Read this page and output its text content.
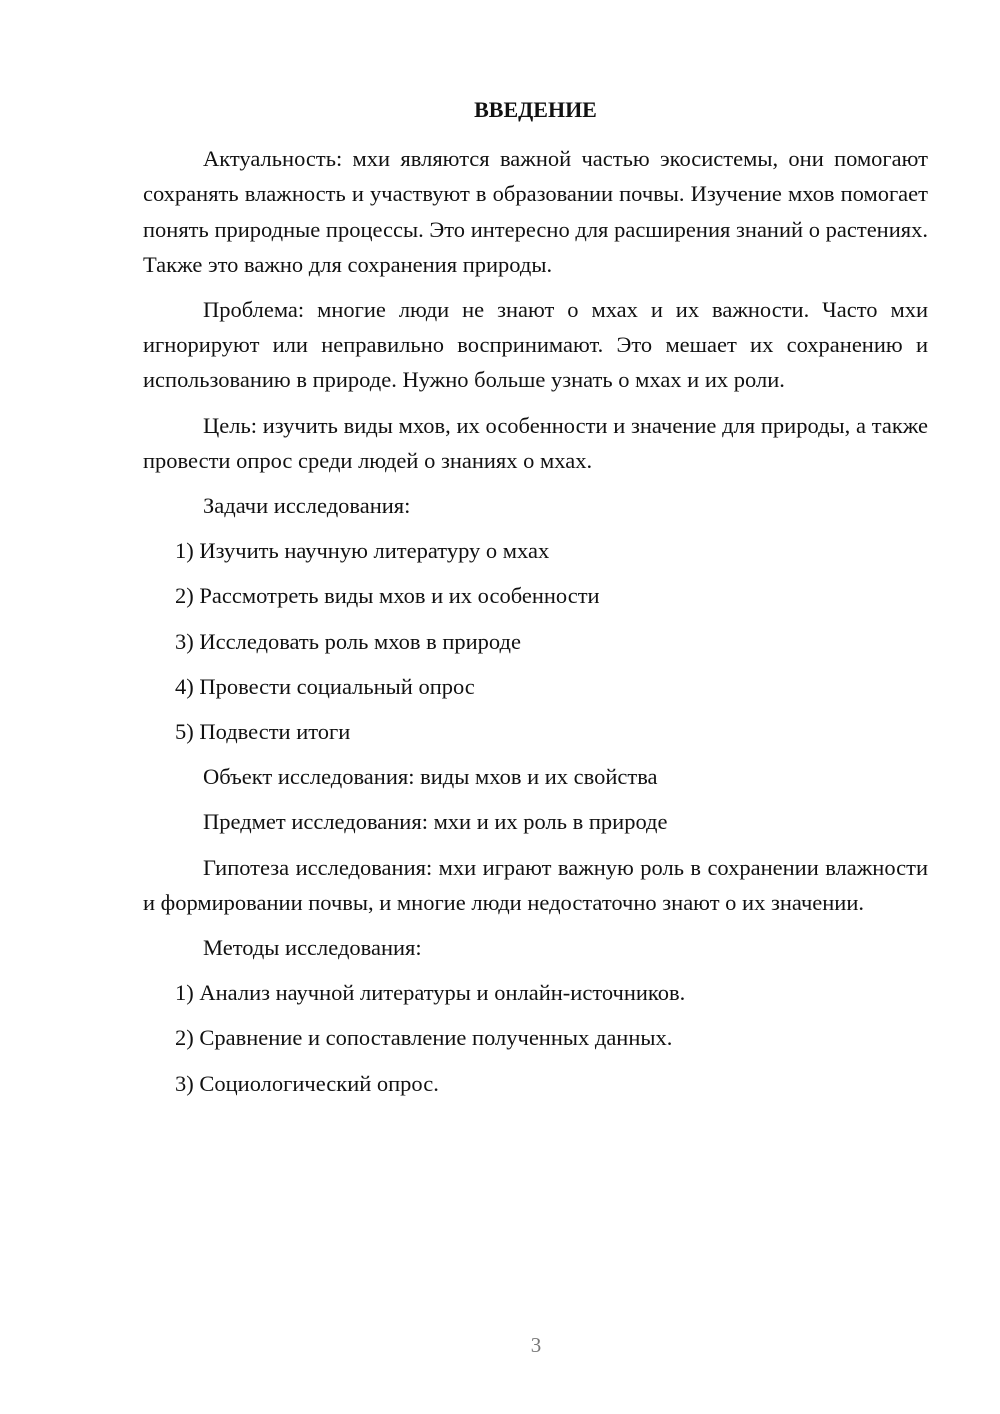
ВВЕДЕНИЕ
Актуальность: мхи являются важной частью экосистемы, они помогают сохранять влажность и участвуют в образовании почвы. Изучение мхов помогает понять природные процессы. Это интересно для расширения знаний о растениях. Также это важно для сохранения природы.
Проблема: многие люди не знают о мхах и их важности. Часто мхи игнорируют или неправильно воспринимают. Это мешает их сохранению и использованию в природе. Нужно больше узнать о мхах и их роли.
Цель: изучить виды мхов, их особенности и значение для природы, а также провести опрос среди людей о знаниях о мхах.
Задачи исследования:
1) Изучить научную литературу о мхах
2) Рассмотреть виды мхов и их особенности
3) Исследовать роль мхов в природе
4) Провести социальный опрос
5) Подвести итоги
Объект исследования: виды мхов и их свойства
Предмет исследования: мхи и их роль в природе
Гипотеза исследования: мхи играют важную роль в сохранении влажности и формировании почвы, и многие люди недостаточно знают о их значении.
Методы исследования:
1) Анализ научной литературы и онлайн-источников.
2) Сравнение и сопоставление полученных данных.
3) Социологический опрос.
3
